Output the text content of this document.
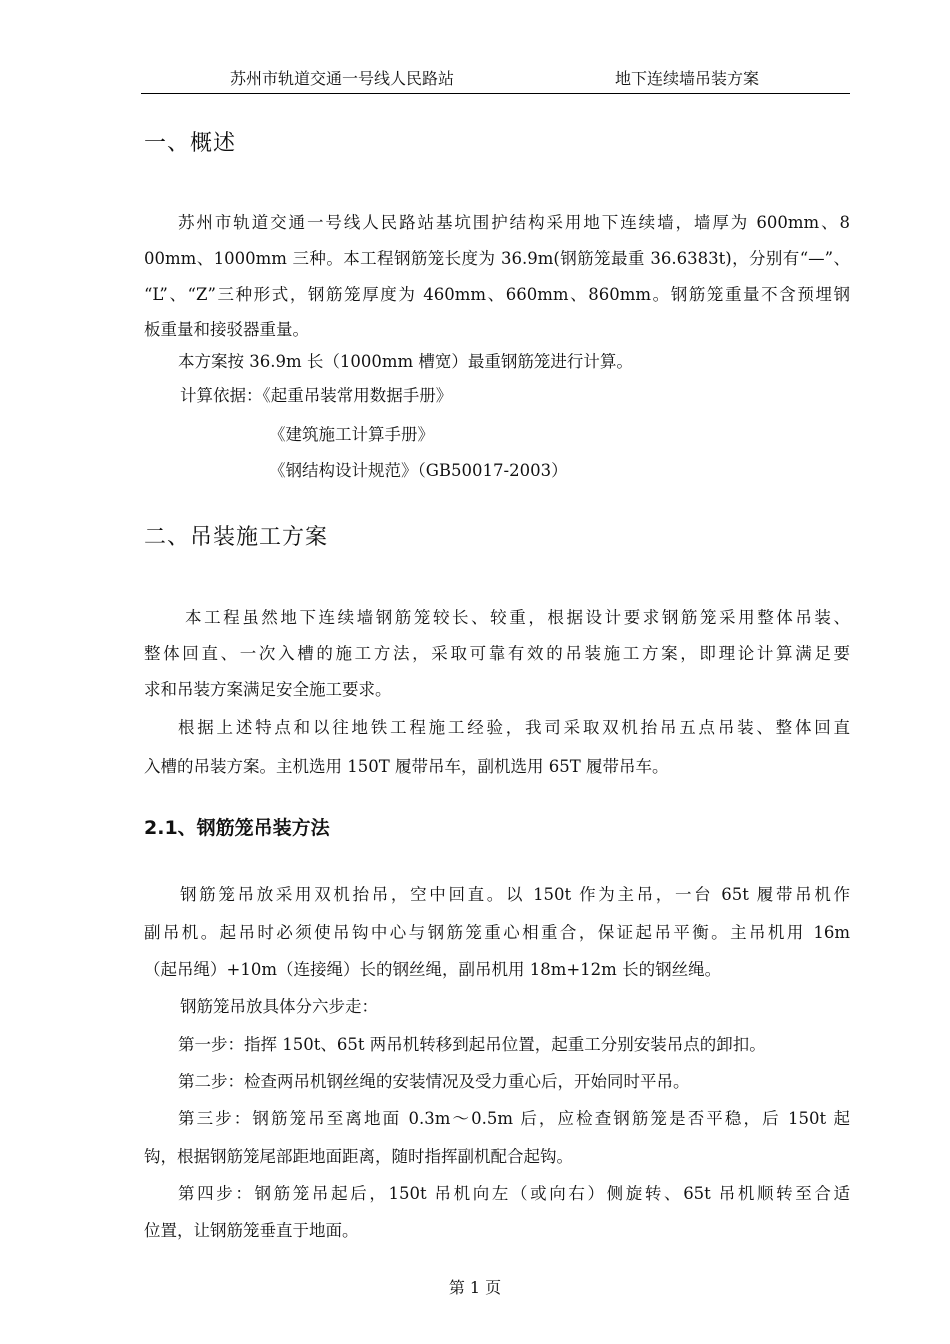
苏州市轨道交通一号线人民路站	地下连续墙吊装方案
一、概述
苏州市轨道交通一号线人民路站基坑围护结构采用地下连续墙，墙厚为 600mm、8
00mm、1000mm 三种。本工程钢筋笼长度为 36.9m(钢筋笼最重 36.6383t)，分别有“—”、
“L”、“Z”三种形式，钢筋笼厚度为 460mm、660mm、860mm。钢筋笼重量不含预埋钢
板重量和接驳器重量。
本方案按 36.9m 长（1000mm 槽宽）最重钢筋笼进行计算。
计算依据：《起重吊装常用数据手册》
《建筑施工计算手册》
《钢结构设计规范》（GB50017-2003）
二、吊装施工方案
本工程虽然地下连续墙钢筋笼较长、较重，根据设计要求钢筋笼采用整体吊装、
整体回直、一次入槽的施工方法，采取可靠有效的吊装施工方案，即理论计算满足要
求和吊装方案满足安全施工要求。
根据上述特点和以往地铁工程施工经验，我司采取双机抬吊五点吊装、整体回直
入槽的吊装方案。主机选用 150T 履带吊车，副机选用 65T 履带吊车。
2.1、钢筋笼吊装方法
钢筋笼吊放采用双机抬吊，空中回直。以 150t 作为主吊，一台 65t 履带吊机作
副吊机。起吊时必须使吊钩中心与钢筋笼重心相重合，保证起吊平衡。主吊机用 16m
（起吊绳）+10m（连接绳）长的钢丝绳，副吊机用 18m+12m 长的钢丝绳。
钢筋笼吊放具体分六步走：
第一步：指挥 150t、65t 两吊机转移到起吊位置，起重工分别安装吊点的卸扣。
第二步：检查两吊机钢丝绳的安装情况及受力重心后，开始同时平吊。
第三步：钢筋笼吊至离地面 0.3m～0.5m 后，应检查钢筋笼是否平稳，后 150t 起
钩，根据钢筋笼尾部距地面距离，随时指挥副机配合起钩。
第四步：钢筋笼吊起后，150t 吊机向左（或向右）侧旋转、65t 吊机顺转至合适
位置，让钢筋笼垂直于地面。
第 1 页
